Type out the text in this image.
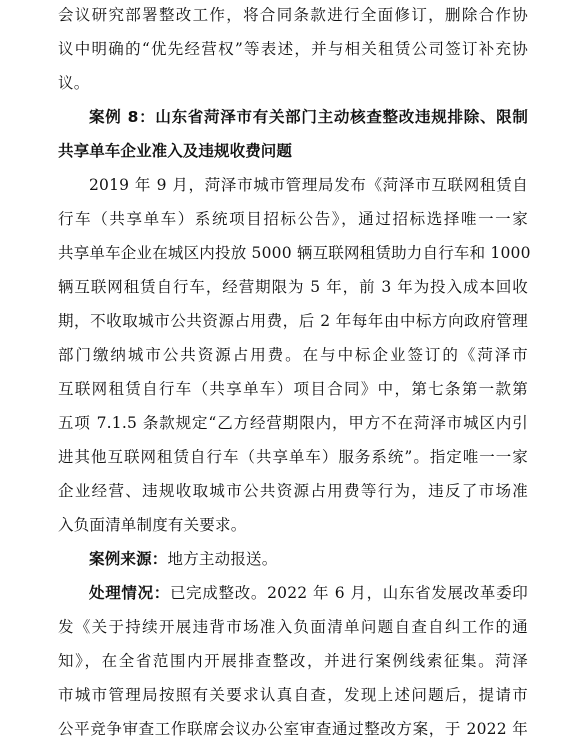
会议研究部署整改工作，将合同条款进行全面修订，删除合作协
议中明确的“优先经营权”等表述，并与相关租赁公司签订补充协
议。
案例 8：山东省菏泽市有关部门主动核查整改违规排除、限制
共享单车企业准入及违规收费问题
2019 年 9 月，菏泽市城市管理局发布《菏泽市互联网租赁自
行车（共享单车）系统项目招标公告》，通过招标选择唯一一家
共享单车企业在城区内投放 5000 辆互联网租赁助力自行车和 1000
辆互联网租赁自行车，经营期限为 5 年，前 3 年为投入成本回收
期，不收取城市公共资源占用费，后 2 年每年由中标方向政府管理
部门缴纳城市公共资源占用费。在与中标企业签订的《菏泽市
互联网租赁自行车（共享单车）项目合同》中，第七条第一款第
五项 7.1.5 条款规定“乙方经营期限内，甲方不在菏泽市城区内引
进其他互联网租赁自行车（共享单车）服务系统”。指定唯一一家
企业经营、违规收取城市公共资源占用费等行为，违反了市场准
入负面清单制度有关要求。
案例来源：地方主动报送。
处理情况：已完成整改。2022 年 6 月，山东省发展改革委印
发《关于持续开展违背市场准入负面清单问题自查自纠工作的通
知》，在全省范围内开展排查整改，并进行案例线索征集。菏泽
市城市管理局按照有关要求认真自查，发现上述问题后，提请市
公平竞争审查工作联席会议办公室审查通过整改方案，于 2022 年
